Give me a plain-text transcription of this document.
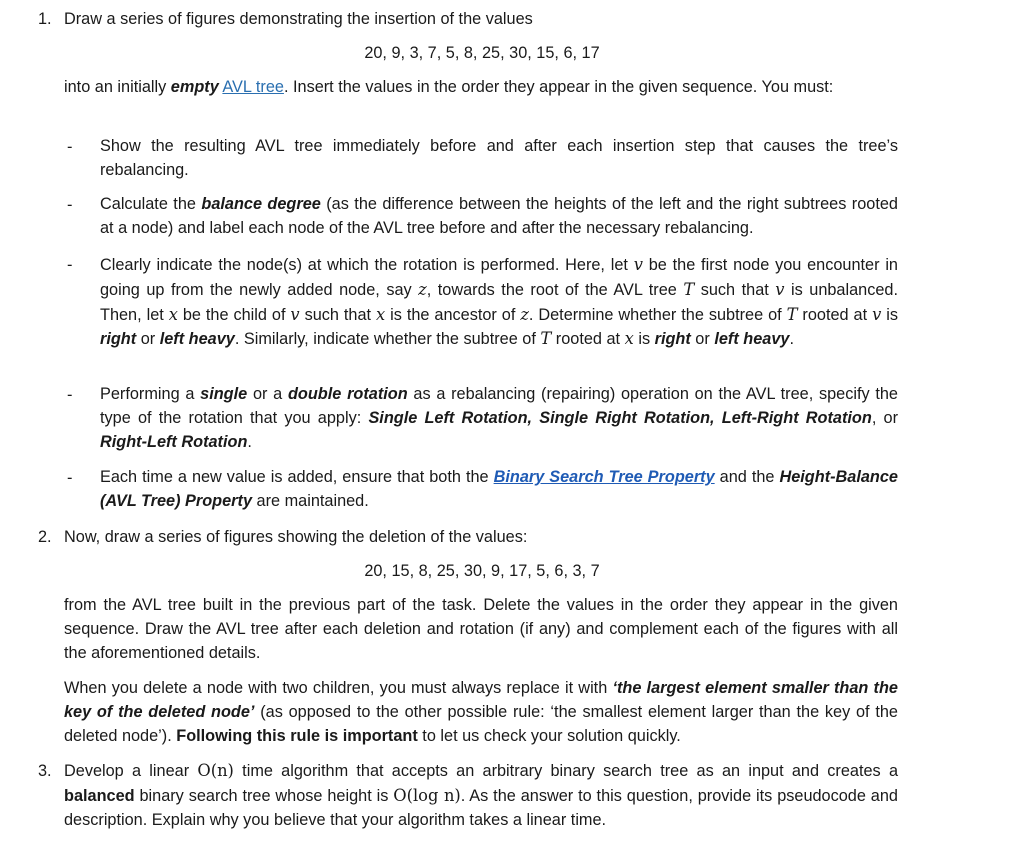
1. Draw a series of figures demonstrating the insertion of the values
20, 9, 3, 7, 5, 8, 25, 30, 15, 6, 17
into an initially empty AVL tree. Insert the values in the order they appear in the given sequence. You must:
- Show the resulting AVL tree immediately before and after each insertion step that causes the tree’s rebalancing.
- Calculate the balance degree (as the difference between the heights of the left and the right subtrees rooted at a node) and label each node of the AVL tree before and after the necessary rebalancing.
- Clearly indicate the node(s) at which the rotation is performed. Here, let v be the first node you encounter in going up from the newly added node, say z, towards the root of the AVL tree T such that v is unbalanced. Then, let x be the child of v such that x is the ancestor of z. Determine whether the subtree of T rooted at v is right or left heavy. Similarly, indicate whether the subtree of T rooted at x is right or left heavy.
- Performing a single or a double rotation as a rebalancing (repairing) operation on the AVL tree, specify the type of the rotation that you apply: Single Left Rotation, Single Right Rotation, Left-Right Rotation, or Right-Left Rotation.
- Each time a new value is added, ensure that both the Binary Search Tree Property and the Height-Balance (AVL Tree) Property are maintained.
2. Now, draw a series of figures showing the deletion of the values:
20, 15, 8, 25, 30, 9, 17, 5, 6, 3, 7
from the AVL tree built in the previous part of the task. Delete the values in the order they appear in the given sequence. Draw the AVL tree after each deletion and rotation (if any) and complement each of the figures with all the aforementioned details.
When you delete a node with two children, you must always replace it with ‘the largest element smaller than the key of the deleted node’ (as opposed to the other possible rule: ‘the smallest element larger than the key of the deleted node’). Following this rule is important to let us check your solution quickly.
3. Develop a linear O(n) time algorithm that accepts an arbitrary binary search tree as an input and creates a balanced binary search tree whose height is O(log n). As the answer to this question, provide its pseudocode and description. Explain why you believe that your algorithm takes a linear time.
